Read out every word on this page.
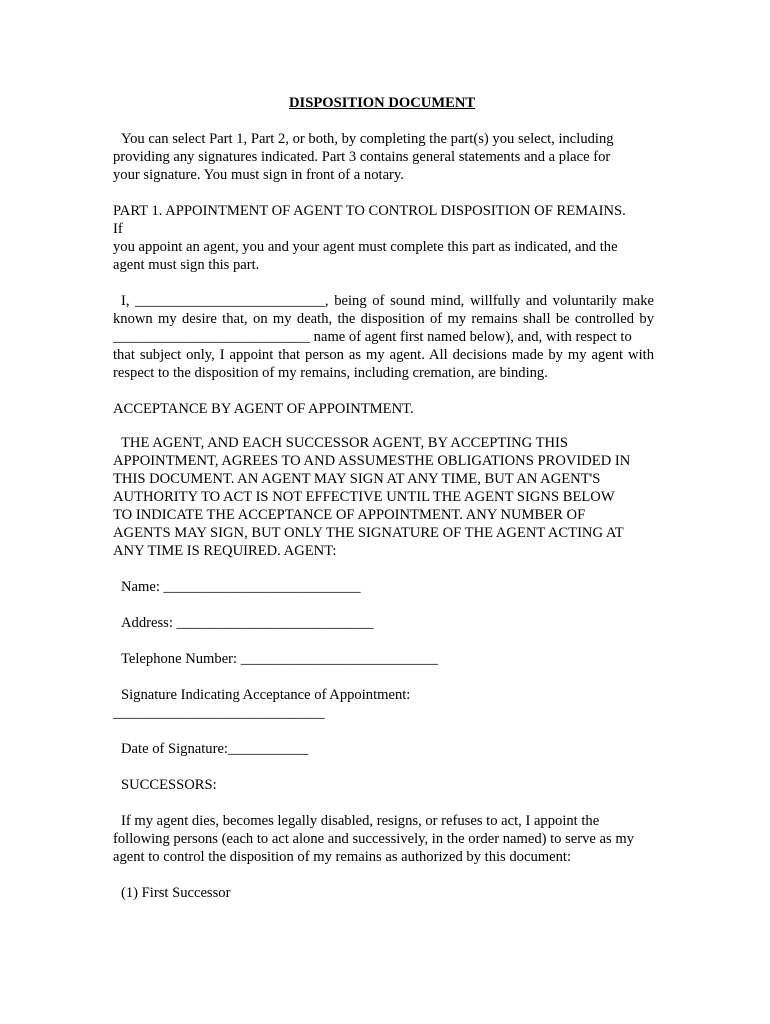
DISPOSITION DOCUMENT

You can select Part 1, Part 2, or both, by completing the part(s) you select, including

providing any signatures indicated. Part 3 contains general statements and a place for

your signature. You must sign in front of a notary.

PART 1. APPOINTMENT OF AGENT TO CONTROL DISPOSITION OF REMAINS.

If

you appoint an agent, you and your agent must complete this part as indicated, and the

agent must sign this part.

I, __________________________, being of sound mind, willfully and voluntarily make

known my desire that, on my death, the disposition of my remains shall be controlled by

___________________________ name of agent first named below), and, with respect to

that subject only, I appoint that person as my agent. All decisions made by my agent with

respect to the disposition of my remains, including cremation, are binding.

ACCEPTANCE BY AGENT OF APPOINTMENT.

THE AGENT, AND EACH SUCCESSOR AGENT, BY ACCEPTING THIS

APPOINTMENT, AGREES TO AND ASSUMESTHE OBLIGATIONS PROVIDED IN

THIS DOCUMENT. AN AGENT MAY SIGN AT ANY TIME, BUT AN AGENT'S

AUTHORITY TO ACT IS NOT EFFECTIVE UNTIL THE AGENT SIGNS BELOW

TO INDICATE THE ACCEPTANCE OF APPOINTMENT. ANY NUMBER OF

AGENTS MAY SIGN, BUT ONLY THE SIGNATURE OF THE AGENT ACTING AT

ANY TIME IS REQUIRED. AGENT:

Name: ___________________________

Address: ___________________________

Telephone Number: ___________________________

Signature Indicating Acceptance of Appointment:

_____________________________

Date of Signature:___________

SUCCESSORS:

If my agent dies, becomes legally disabled, resigns, or refuses to act, I appoint the

following persons (each to act alone and successively, in the order named) to serve as my

agent to control the disposition of my remains as authorized by this document:

(1) First Successor
